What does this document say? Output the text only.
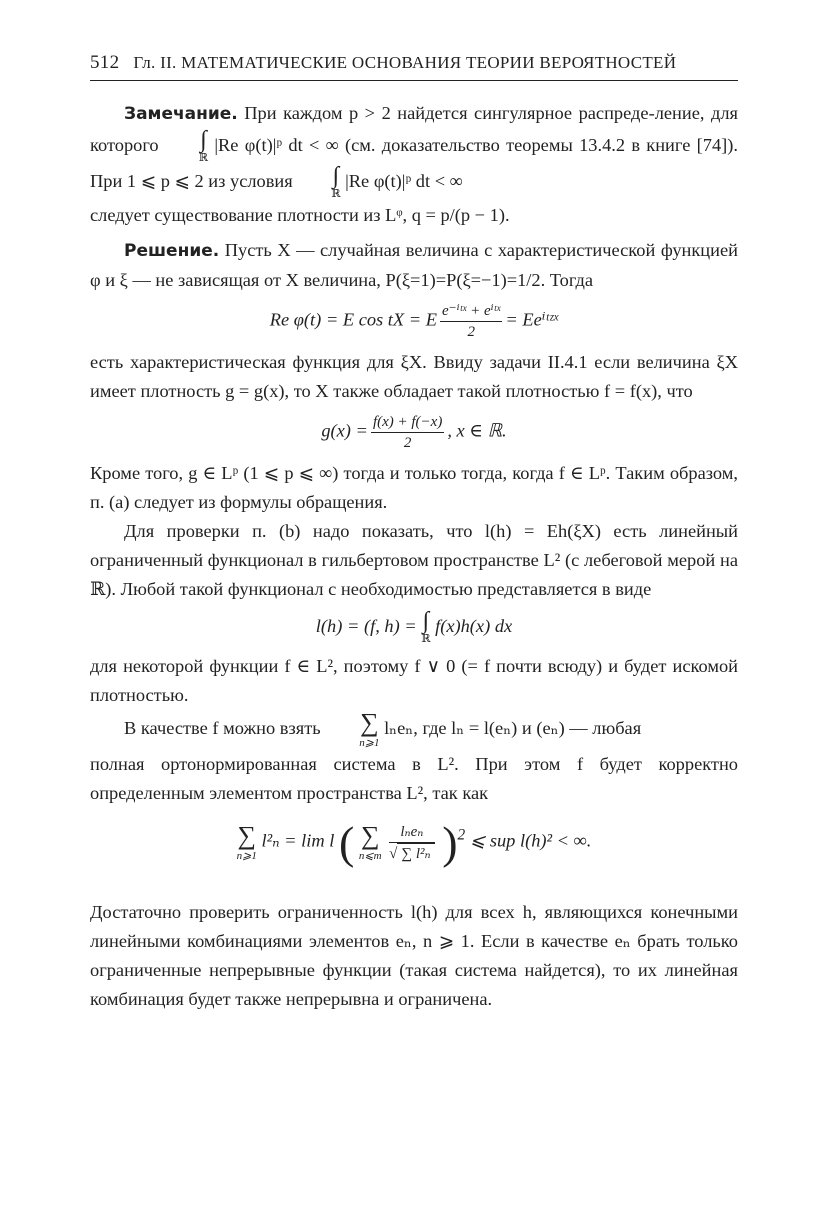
512 Гл. II. МАТЕМАТИЧЕСКИЕ ОСНОВАНИЯ ТЕОРИИ ВЕРОЯТНОСТЕЙ

Замечание. При каждом p > 2 найдется сингулярное распреде-ление, для которого	∫
ℝ
|Re φ(t)|ᵖ dt < ∞ (см. доказательство теоремы 13.4.2 в книге [74]). При 1 ⩽ p ⩽ 2 из условия	∫
ℝ
|Re φ(t)|ᵖ dt < ∞

следует существование плотности из Lᵠ, q = p/(p − 1).

Решение. Пусть X — случайная величина с характеристической функцией φ и ξ — не зависящая от X величина, P(ξ=1)=P(ξ=−1)=1/2. Тогда

Re φ(t) = E cos tX = E $\frac{\text{e⁻ⁱᵗˣ + eⁱᵗˣ}}{2}$ = Eeⁱᵗᶻˣ

есть характеристическая функция для ξX. Ввиду задачи II.4.1 если величина ξX имеет плотность g = g(x), то X также обладает такой плотностью f = f(x), что

$g(x) = \frac{f(x) + f(-x)}{2}$ , x ∈ ℝ.

Кроме того, g ∈ Lᵖ (1 ⩽ p ⩽ ∞) тогда и только тогда, когда f ∈ Lᵖ. Таким образом, п. (a) следует из формулы обращения.

Для проверки п. (b) надо показать, что l(h) = Eh(ξX) есть линейный ограниченный функционал в гильбертовом пространстве L² (с лебеговой мерой на ℝ). Любой такой функционал с необходимостью представляется в виде

l(h) = (f, h) = ∫
ℝ
f(x)h(x) dx

для некоторой функции f ∈ L², поэтому f ∨ 0 (= f почти всюду) и будет искомой плотностью.

В качестве f можно взять	∑
n⩾1
lₙeₙ, где lₙ = l(eₙ) и (eₙ) — любая

полная ортонормированная система в L². При этом f будет корректно определенным элементом пространства L², так как

∑
n⩾1
l²ₙ = lim l ( ∑
n⩽m
$\frac{\text{lₙeₙ}}{\text{√ ∑ l²ₙ}} )^2$ ⩽ sup l(h)² < ∞.

Достаточно проверить ограниченность l(h) для всех h, являющихся конечными линейными комбинациями элементов eₙ, n ⩾ 1. Если в качестве eₙ брать только ограниченные непрерывные функции (такая система найдется), то их линейная комбинация будет также непрерывна и ограничена.
